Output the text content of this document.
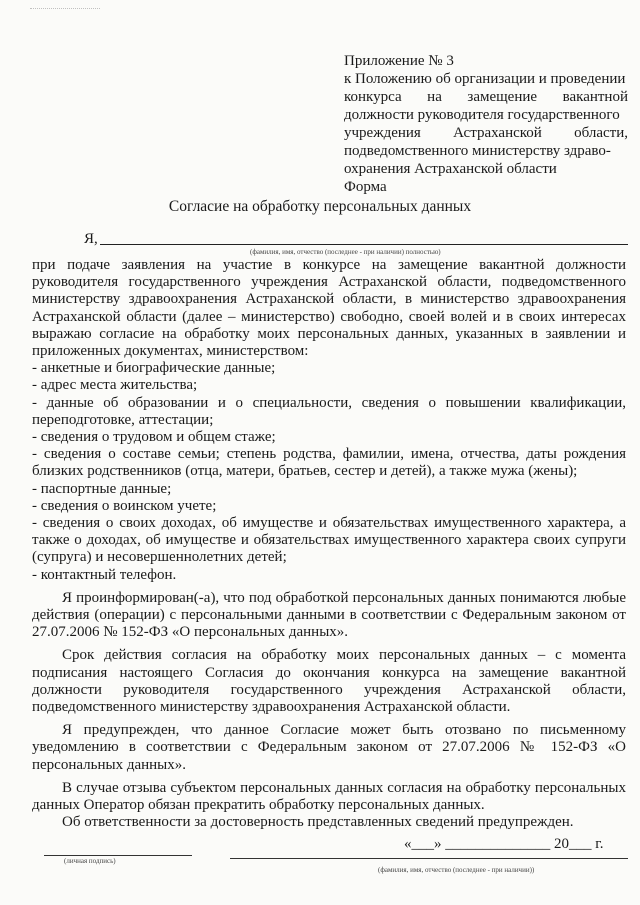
Приложение № 3
к Положению об организации и проведении
конкурса на замещение вакантной
должности руководителя государственного
учреждения Астраханской области,
подведомственного министерству здраво-
охранения Астраханской области
Форма
Согласие на обработку персональных данных
Я,
(фамилия, имя, отчество (последнее - при наличии) полностью)

при подаче заявления на участие в конкурсе на замещение вакантной должности руководителя государственного учреждения Астраханской области, подведомственного министерству здравоохранения Астраханской области, в министерство здравоохранения Астраханской области (далее – министерство) свободно, своей волей и в своих интересах выражаю согласие на обработку моих персональных данных, указанных в заявлении и приложенных документах, министерством:

- анкетные и биографические данные;

- адрес места жительства;

- данные об образовании и о специальности, сведения о повышении квалификации, переподготовке, аттестации;

- сведения о трудовом и общем стаже;

- сведения о составе семьи; степень родства, фамилии, имена, отчества, даты рождения близких родственников (отца, матери, братьев, сестер и детей), а также мужа (жены);

- паспортные данные;

- сведения о воинском учете;

- сведения о своих доходах, об имуществе и обязательствах имущественного характера, а также о доходах, об имуществе и обязательствах имущественного характера своих супруги (супруга) и несовершеннолетних детей;

- контактный телефон.

Я проинформирован(-а), что под обработкой персональных данных понимаются любые действия (операции) с персональными данными в соответствии с Федеральным законом от 27.07.2006 № 152-ФЗ «О персональных данных».

Срок действия согласия на обработку моих персональных данных – с момента подписания настоящего Согласия до окончания конкурса на замещение вакантной должности руководителя государственного учреждения Астраханской области, подведомственного министерству здравоохранения Астраханской области.

Я предупрежден, что данное Согласие может быть отозвано по письменному уведомлению в соответствии с Федеральным законом от 27.07.2006 № 152-ФЗ «О персональных данных».

В случае отзыва субъектом персональных данных согласия на обработку персональных данных Оператор обязан прекратить обработку персональных данных.

Об ответственности за достоверность представленных сведений предупрежден.

«___» ______________ 20___ г.
(личная подпись)
(фамилия, имя, отчество (последнее - при наличии))
